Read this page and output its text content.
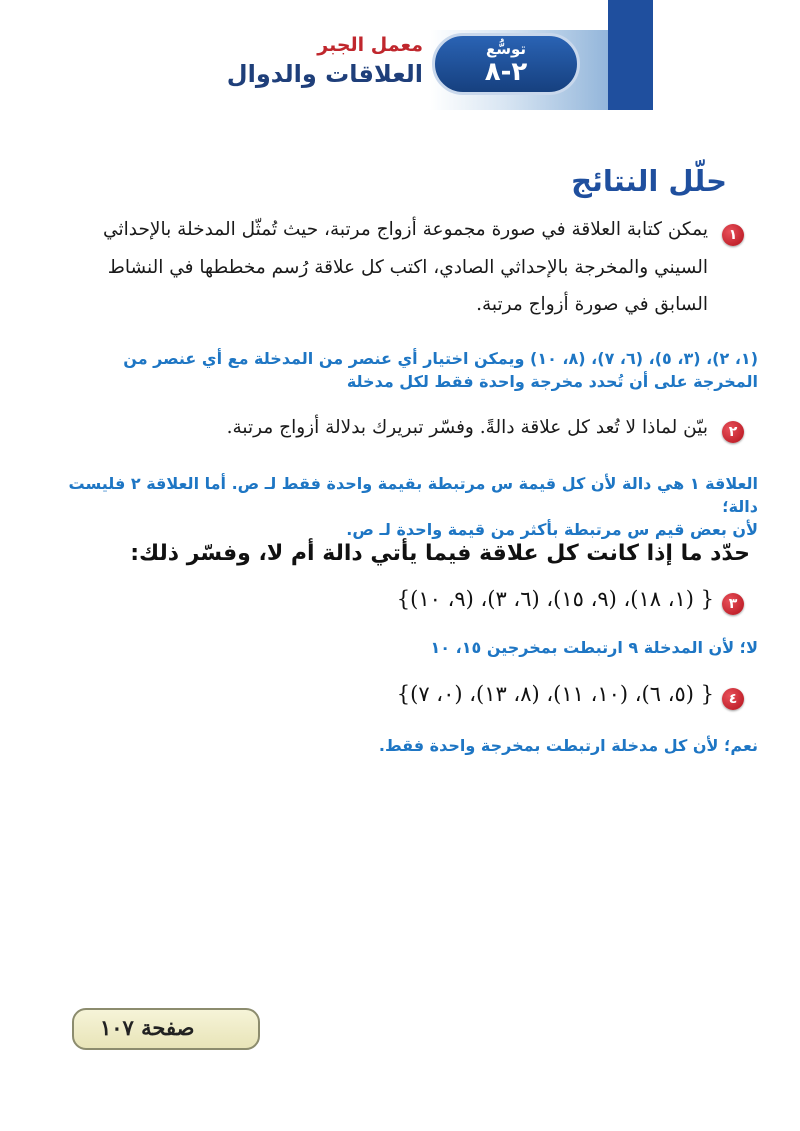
توسُّع
٢-٨
معمل الجبر
العلاقات والدوال
حلّل النتائج
١
يمكن كتابة العلاقة في صورة مجموعة أزواج مرتبة، حيث تُمثّل المدخلة بالإحداثي
السيني والمخرجة بالإحداثي الصادي، اكتب كل علاقة رُسم مخططها في النشاط
السابق في صورة أزواج مرتبة.
(١، ٢)، (٣، ٥)، (٦، ٧)، (٨، ١٠) ويمكن اختيار أي عنصر من المدخلة مع أي عنصر من
المخرجة على أن تُحدد مخرجة واحدة فقط لكل مدخلة
٢
بيّن لماذا لا تُعد كل علاقة دالةً. وفسّر تبريرك بدلالة أزواج مرتبة.
العلاقة ١ هي دالة لأن كل قيمة س مرتبطة بقيمة واحدة فقط لـ ص. أما العلاقة ٢ فليست دالة؛
لأن بعض قيم س مرتبطة بأكثر من قيمة واحدة لـ ص.
حدّد ما إذا كانت كل علاقة فيما يأتي دالة أم لا، وفسّر ذلك:
٣
{ (١، ١٨)، (٩، ١٥)، (٦، ٣)، (٩، ١٠)}
لا؛ لأن المدخلة ٩ ارتبطت بمخرجين ١٥، ١٠
٤
{ (٥، ٦)، (١٠، ١١)، (٨، ١٣)، (٠، ٧)}
نعم؛ لأن كل مدخلة ارتبطت بمخرجة واحدة فقط.
صفحة ١٠٧
